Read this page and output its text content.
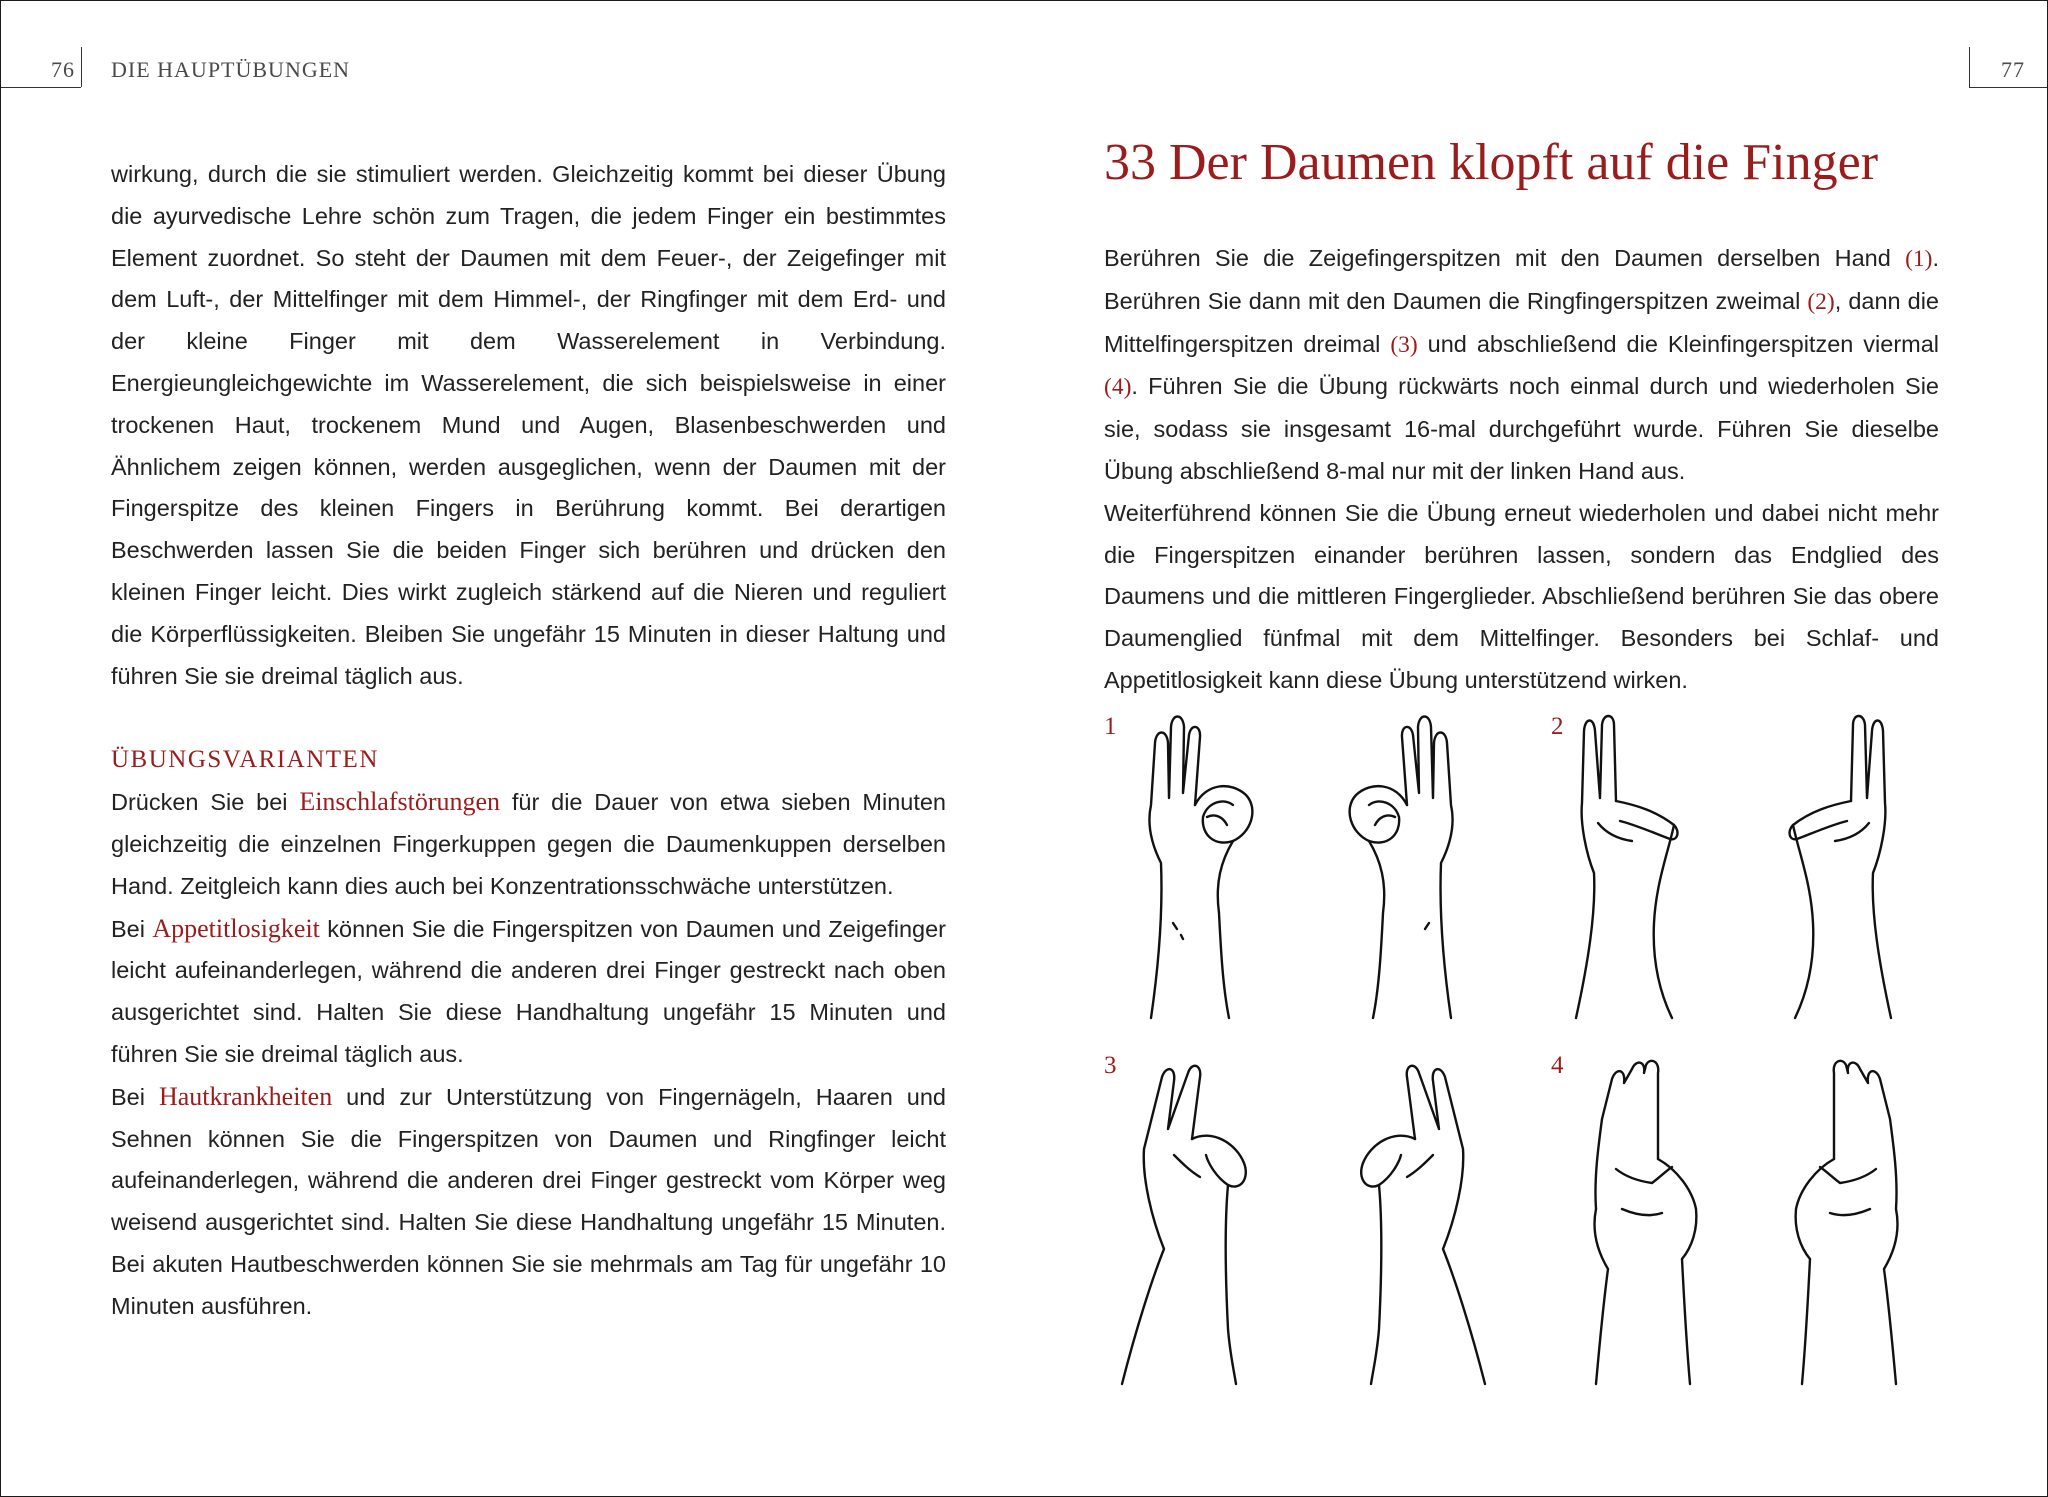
76 DIE HAUPTÜBUNGEN	77

wirkung, durch die sie stimuliert werden. Gleichzeitig kommt bei dieser Übung die ayurvedische Lehre schön zum Tragen, die jedem Finger ein bestimmtes Element zuordnet. So steht der Daumen mit dem Feuer-, der Zeigefinger mit dem Luft-, der Mittelfinger mit dem Himmel-, der Ringfinger mit dem Erd- und der kleine Finger mit dem Wasserelement in Verbindung. Energieungleichgewichte im Wasserelement, die sich beispielsweise in einer trockenen Haut, trockenem Mund und Augen, Blasenbeschwerden und Ähnlichem zeigen können, werden ausgeglichen, wenn der Daumen mit der Fingerspitze des kleinen Fingers in Berührung kommt. Bei derartigen Beschwerden lassen Sie die beiden Finger sich berühren und drücken den kleinen Finger leicht. Dies wirkt zugleich stärkend auf die Nieren und reguliert die Körperflüssigkeiten. Bleiben Sie ungefähr 15 Minuten in dieser Haltung und führen Sie sie dreimal täglich aus.

ÜBUNGSVARIANTEN

Drücken Sie bei Einschlafstörungen für die Dauer von etwa sieben Minuten gleichzeitig die einzelnen Fingerkuppen gegen die Daumenkuppen derselben Hand. Zeitgleich kann dies auch bei Konzentrationsschwäche unterstützen.

Bei Appetitlosigkeit können Sie die Fingerspitzen von Daumen und Zeigefinger leicht aufeinanderlegen, während die anderen drei Finger gestreckt nach oben ausgerichtet sind. Halten Sie diese Handhaltung ungefähr 15 Minuten und führen Sie sie dreimal täglich aus.

Bei Hautkrankheiten und zur Unterstützung von Fingernägeln, Haaren und Sehnen können Sie die Fingerspitzen von Daumen und Ringfinger leicht aufeinanderlegen, während die anderen drei Finger gestreckt vom Körper weg weisend ausgerichtet sind. Halten Sie diese Handhaltung ungefähr 15 Minuten. Bei akuten Hautbeschwerden können Sie sie mehrmals am Tag für ungefähr 10 Minuten ausführen.

33 Der Daumen klopft auf die Finger

Berühren Sie die Zeigefingerspitzen mit den Daumen derselben Hand (1). Berühren Sie dann mit den Daumen die Ringfingerspitzen zweimal (2), dann die Mittelfingerspitzen dreimal (3) und abschließend die Kleinfingerspitzen viermal (4). Führen Sie die Übung rückwärts noch einmal durch und wiederholen Sie sie, sodass sie insgesamt 16-mal durchgeführt wurde. Führen Sie dieselbe Übung abschließend 8-mal nur mit der linken Hand aus.

Weiterführend können Sie die Übung erneut wiederholen und dabei nicht mehr die Fingerspitzen einander berühren lassen, sondern das Endglied des Daumens und die mittleren Fingerglieder. Abschließend berühren Sie das obere Daumenglied fünfmal mit dem Mittelfinger. Besonders bei Schlaf- und Appetitlosigkeit kann diese Übung unterstützend wirken.

1	2
3	4
